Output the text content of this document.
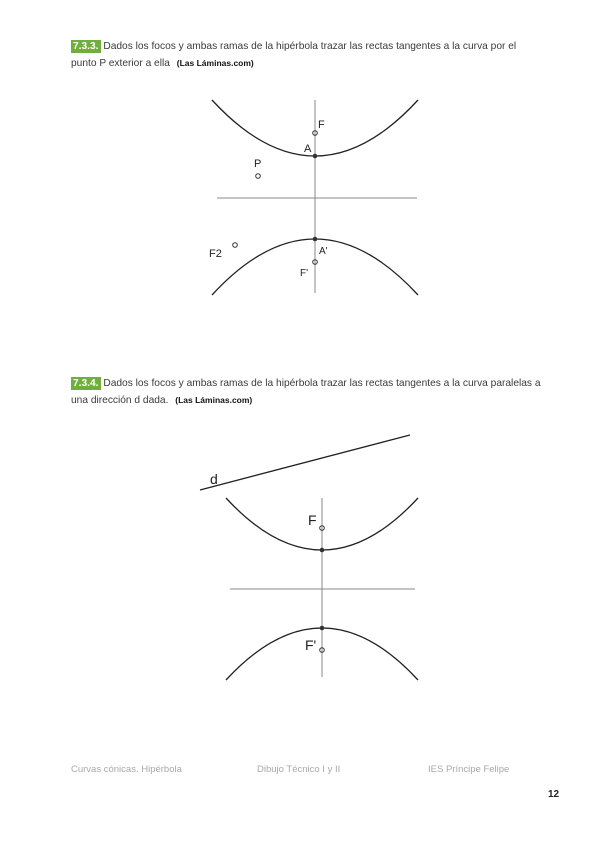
7.3.3. Dados los focos y ambas ramas de la hipérbola trazar las rectas tangentes a la curva por el punto P exterior a ella (Las Láminas.com)
7.3.4. Dados los focos y ambas ramas de la hipérbola trazar las rectas tangentes a la curva paralelas a una dirección d dada. (Las Láminas.com)
F
A
P
F2	A'
F'
d
F
F'
Curvas cónicas. Hipérbola	Dibujo Técnico I y II	IES Príncipe Felipe
12
